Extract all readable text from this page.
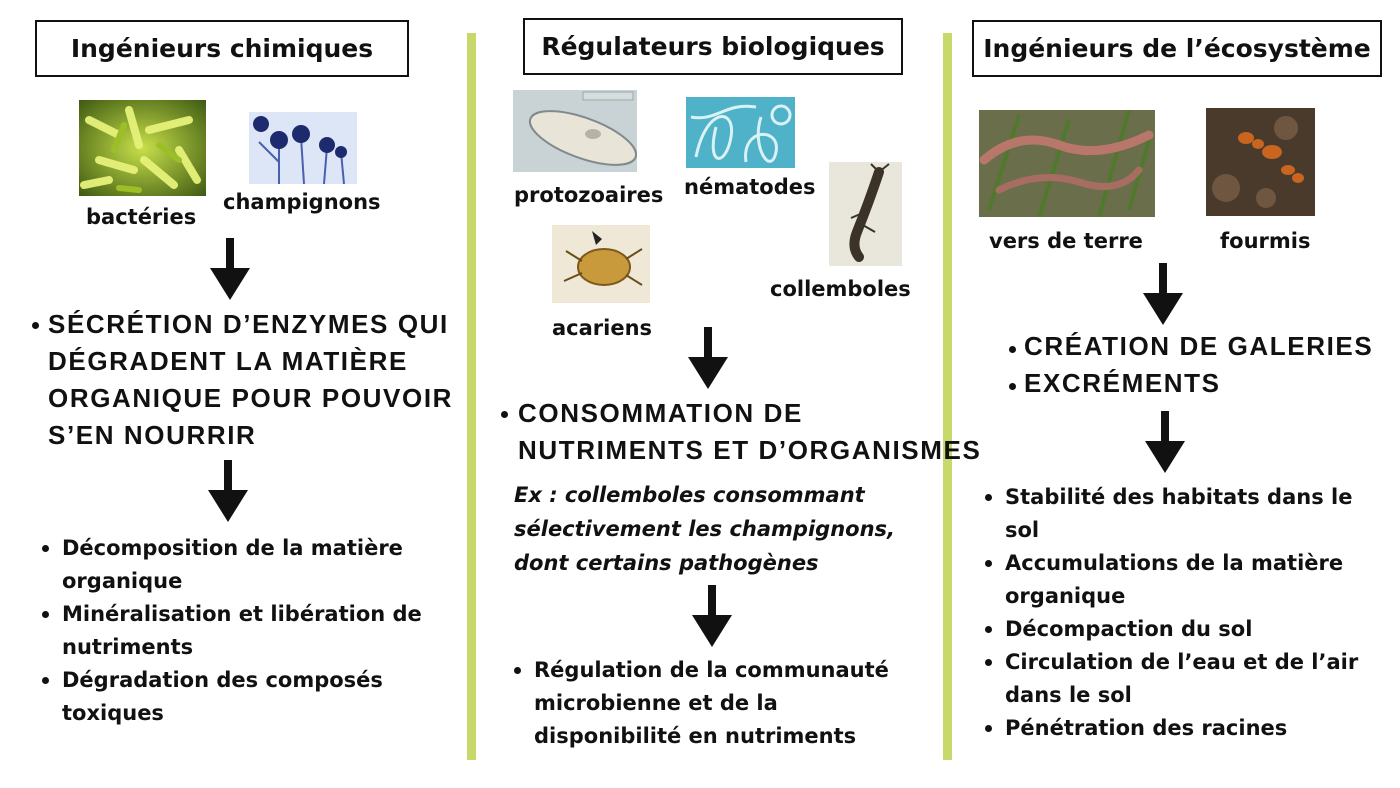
Ingénieurs chimiques	Régulateurs biologiques	Ingénieurs de l’écosystème
bactéries
champignons
SÉCRÉTION D’ENZYMES QUI
DÉGRADENT LA MATIÈRE
ORGANIQUE POUR POUVOIR
S’EN NOURRIR
Décomposition de la matière
organique
Minéralisation et libération de
nutriments
Dégradation des composés
toxiques
protozoaires nématodes
collemboles
acariens
CONSOMMATION DE
NUTRIMENTS ET D’ORGANISMES
Ex : collemboles consommant
sélectivement les champignons,
dont certains pathogènes
Régulation de la communauté
microbienne et de la
disponibilité en nutriments
vers de terre	fourmis
CRÉATION DE GALERIES
EXCRÉMENTS
Stabilité des habitats dans le
sol
Accumulations de la matière
organique
Décompaction du sol
Circulation de l’eau et de l’air
dans le sol
Pénétration des racines
